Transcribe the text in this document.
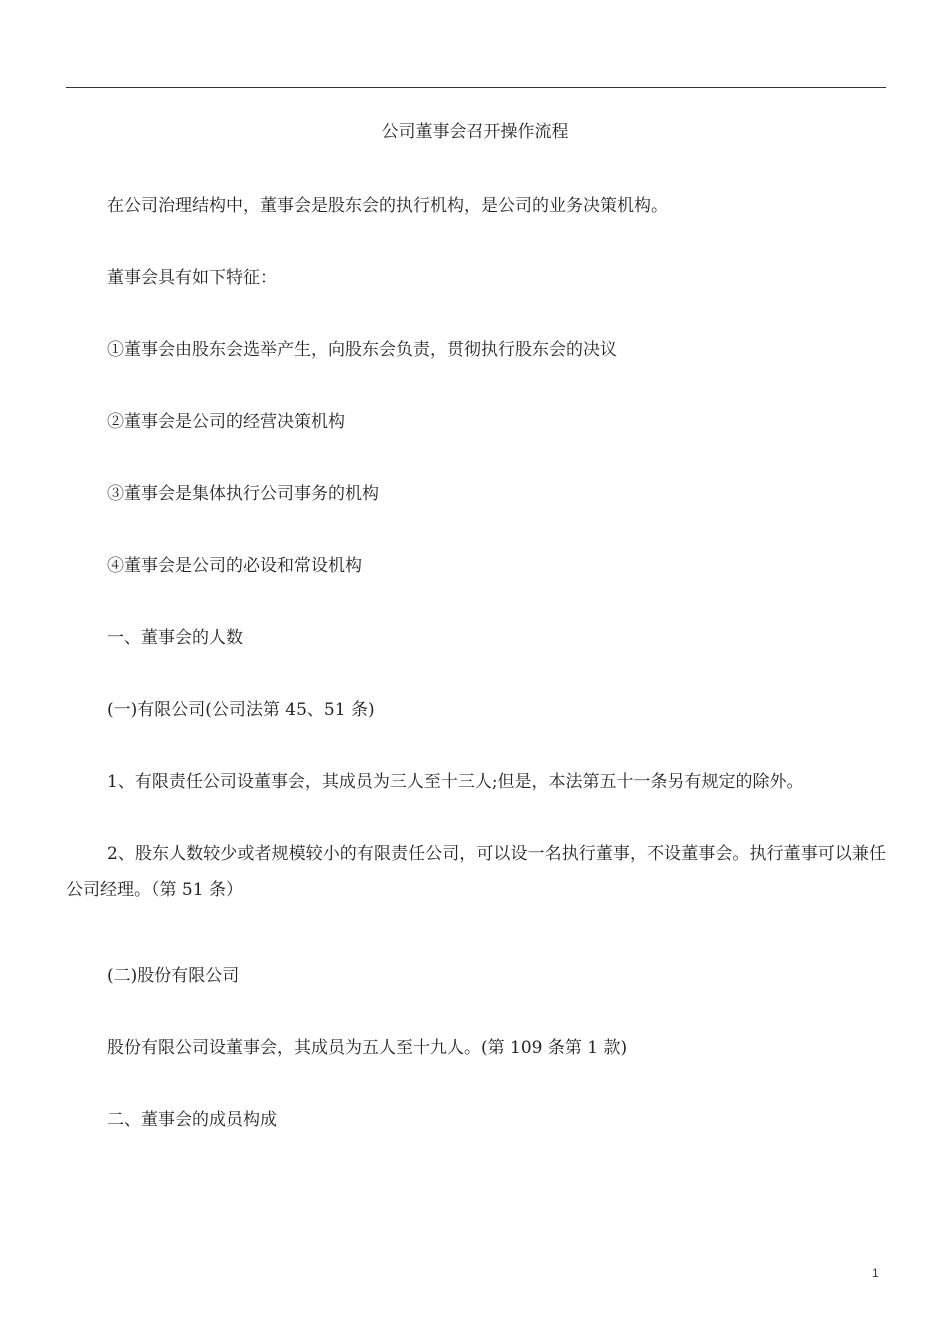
公司董事会召开操作流程
在公司治理结构中，董事会是股东会的执行机构，是公司的业务决策机构。
董事会具有如下特征：
①董事会由股东会选举产生，向股东会负责，贯彻执行股东会的决议
②董事会是公司的经营决策机构
③董事会是集体执行公司事务的机构
④董事会是公司的必设和常设机构
一、董事会的人数
(一)有限公司(公司法第 45、51 条)
1、有限责任公司设董事会，其成员为三人至十三人;但是，本法第五十一条另有规定的除外。
2、股东人数较少或者规模较小的有限责任公司，可以设一名执行董事，不设董事会。执行董事可以兼任公司经理。（第 51 条）
(二)股份有限公司
股份有限公司设董事会，其成员为五人至十九人。(第 109 条第 1 款)
二、董事会的成员构成
1
